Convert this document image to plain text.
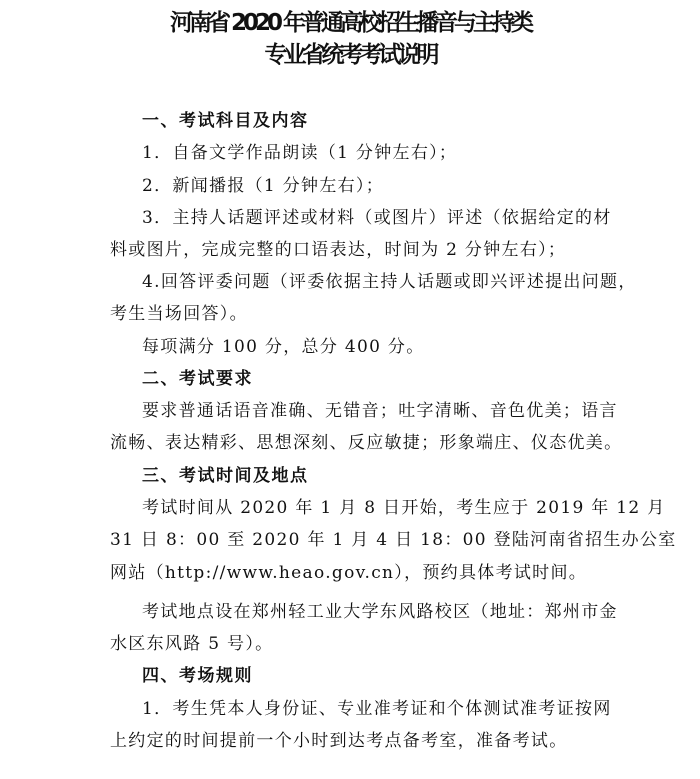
河南省 2020 年普通高校招生播音与主持类
专业省统考考试说明
一、考试科目及内容
1．自备文学作品朗读（1 分钟左右）；
2．新闻播报（1 分钟左右）；
3．主持人话题评述或材料（或图片）评述（依据给定的材
料或图片，完成完整的口语表达，时间为 2 分钟左右）；
4.回答评委问题（评委依据主持人话题或即兴评述提出问题，
考生当场回答）。
每项满分 100 分，总分 400 分。
二、考试要求
要求普通话语音准确、无错音；吐字清晰、音色优美；语言
流畅、表达精彩、思想深刻、反应敏捷；形象端庄、仪态优美。
三、考试时间及地点
考试时间从 2020 年 1 月 8 日开始，考生应于 2019 年 12 月
31 日 8：00 至 2020 年 1 月 4 日 18：00 登陆河南省招生办公室
网站（http://www.heao.gov.cn），预约具体考试时间。
考试地点设在郑州轻工业大学东风路校区（地址：郑州市金
水区东风路 5 号）。
四、考场规则
1．考生凭本人身份证、专业准考证和个体测试准考证按网
上约定的时间提前一个小时到达考点备考室，准备考试。
